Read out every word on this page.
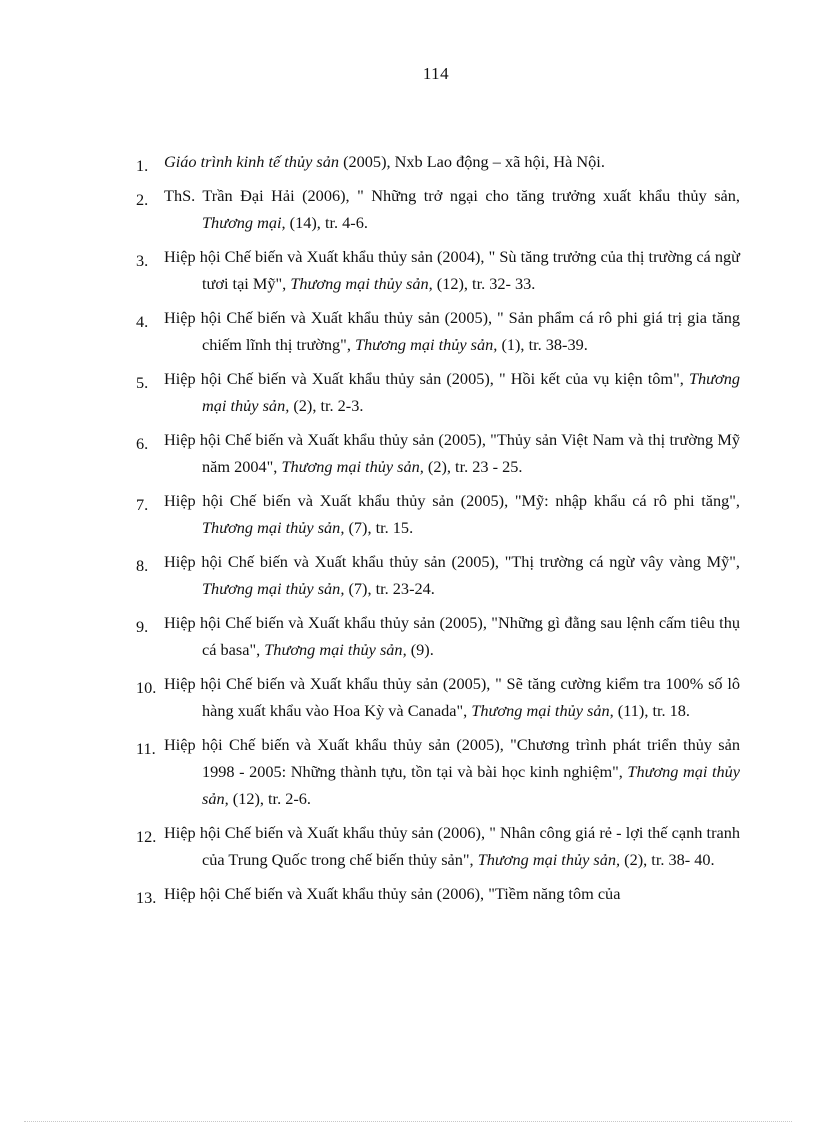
114
1. Giáo trình kinh tế thủy sản (2005), Nxb Lao động – xã hội, Hà Nội.
2. ThS. Trần Đại Hải (2006), " Những trở ngại cho tăng trưởng xuất khẩu thủy sản, Thương mại, (14), tr. 4-6.
3. Hiệp hội Chế biến và Xuất khẩu thủy sản (2004), " Sù tăng trưởng của thị trường cá ngừ tươi tại Mỹ", Thương mại thủy sản, (12), tr. 32- 33.
4. Hiệp hội Chế biến và Xuất khẩu thủy sản (2005), " Sản phẩm cá rô phi giá trị gia tăng chiếm lĩnh thị trường", Thương mại thủy sản, (1), tr. 38-39.
5. Hiệp hội Chế biến và Xuất khẩu thủy sản (2005), " Hồi kết của vụ kiện tôm", Thương mại thủy sản, (2), tr. 2-3.
6. Hiệp hội Chế biến và Xuất khẩu thủy sản (2005), "Thủy sản Việt Nam và thị trường Mỹ năm 2004", Thương mại thủy sản, (2), tr. 23 - 25.
7. Hiệp hội Chế biến và Xuất khẩu thủy sản (2005), "Mỹ: nhập khẩu cá rô phi tăng", Thương mại thủy sản, (7), tr. 15.
8. Hiệp hội Chế biến và Xuất khẩu thủy sản (2005), "Thị trường cá ngừ vây vàng Mỹ", Thương mại thủy sản, (7), tr. 23-24.
9. Hiệp hội Chế biến và Xuất khẩu thủy sản (2005), "Những gì đằng sau lệnh cấm tiêu thụ cá basa", Thương mại thủy sản, (9).
10. Hiệp hội Chế biến và Xuất khẩu thủy sản (2005), " Sẽ tăng cường kiểm tra 100% số lô hàng xuất khẩu vào Hoa Kỳ và Canada", Thương mại thủy sản, (11), tr. 18.
11. Hiệp hội Chế biến và Xuất khẩu thủy sản (2005), "Chương trình phát triển thủy sản 1998 - 2005: Những thành tựu, tồn tại và bài học kinh nghiệm", Thương mại thủy sản, (12), tr. 2-6.
12. Hiệp hội Chế biến và Xuất khẩu thủy sản (2006), " Nhân công giá rẻ - lợi thế cạnh tranh của Trung Quốc trong chế biến thủy sản", Thương mại thủy sản, (2), tr. 38- 40.
13. Hiệp hội Chế biến và Xuất khẩu thủy sản (2006), "Tiềm năng tôm của
